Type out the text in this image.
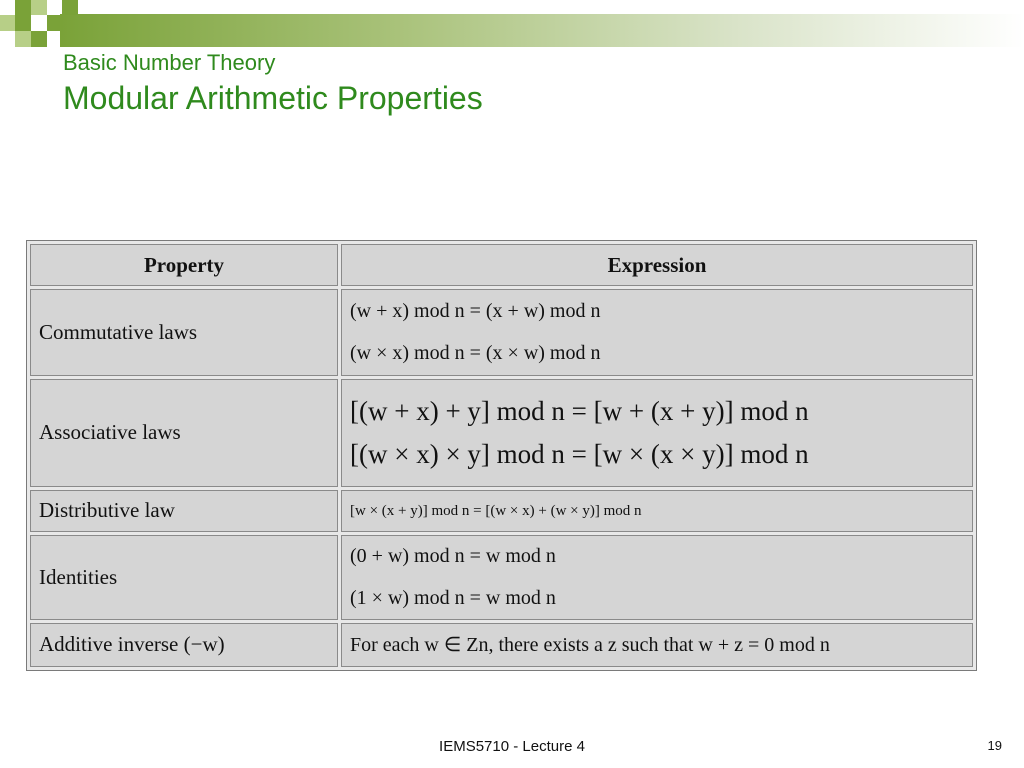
Basic Number Theory
Modular Arithmetic Properties
Property	Expression
Commutative laws	(w + x) mod n = (x + w) mod n
(w × x) mod n = (x × w) mod n

Associative laws	[(w + x) + y] mod n = [w + (x + y)] mod n
[(w × x) × y] mod n = [w × (x × y)] mod n

Distributive law	[w × (x + y)] mod n = [(w × x) + (w × y)] mod n

Identities	(0 + w) mod n = w mod n
(1 × w) mod n = w mod n

Additive inverse (−w)	For each w ∈ Zn, there exists a z such that w + z = 0 mod n
IEMS5710 - Lecture 4	19
